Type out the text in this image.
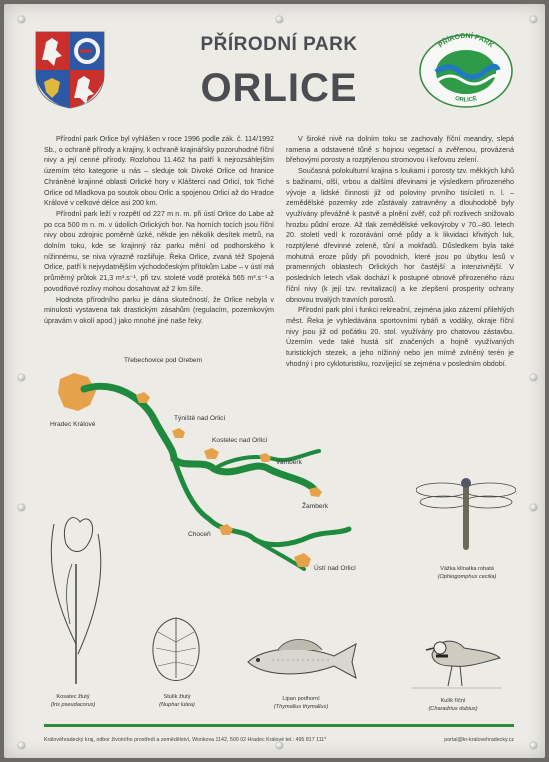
PŘÍRODNÍ PARK
ORLICE
PŘÍRODNÍ PARK
ORLICE

Přírodní park Orlice byl vyhlášen v roce 1996 podle zák. č. 114/1992 Sb., o ochraně přírody a krajiny, k ochraně krajinářsky pozoruhodné říční nivy a její cenné přírody. Rozlohou 11.462 ha patří k nejrozsáhlejším územím této kategorie u nás – sleduje tok Divoké Orlice od hranice Chráněné krajinné oblasti Orlické hory v Klášterci nad Orlicí, tok Tiché Orlice od Mladkova po soutok obou Orlic a spojenou Orlici až do Hradce Králové v celkové délce asi 200 km.

Přírodní park leží v rozpětí od 227 m n. m. při ústí Orlice do Labe až po cca 500 m n. m. v údolích Orlických hor. Na horních tocích jsou říční nivy obou zdrojnic poměrně úzké, někde jen několik desítek metrů, na dolním toku, kde se krajinný ráz parku mění od podhorského k nížinnému, se niva výrazně rozšiřuje. Řeka Orlice, zvaná též Spojená Orlice, patří k nejvydatnějším východočeským přítokům Labe – v ústí má průměrný průtok 21,3 m³.s⁻¹, při tzv. stoleté vodě protéká 565 m³.s⁻¹ a povodňové rozlivy mohou dosahovat až 2 km šíře.

Hodnota přírodního parku je dána skutečností, že Orlice nebyla v minulosti vystavena tak drastickým zásahům (regulacím, pozemkovým úpravám v okolí apod.) jako mnohé jiné naše řeky.

V široké nivě na dolním toku se zachovaly říční meandry, slepá ramena a odstavené tůně s hojnou vegetací a zvěřenou, provázená břehovými porosty a rozptýlenou stromovou i keřovou zelení.

Současná polokulturní krajina s loukami i porosty tzv. měkkých luhů s bažinami, olší, vrbou a dalšími dřevinami je výsledkem přirozeného vývoje a lidské činnosti již od poloviny prvního tisíciletí n. l. – zemědělské pozemky zde zůstávaly zatravněny a dlouhodobě byly využívány převážně k pastvě a plnění zvěř, což při rozlivech snižovalo hrozbu půdní eroze. Až tlak zemědělské velkovýroby v 70.–80. letech 20. století vedl k rozorávání orné půdy a k likvidaci křivitých luk, rozptýlené dřevinné zeleně, tůní a mokřadů. Důsledkem byla také mohutná eroze půdy při povodních, které jsou po úbytku lesů v pramenných oblastech Orlických hor častější a intenzivnější. V posledních letech však dochází k postupné obnově přirozeného rázu říční nivy (k její tzv. revitalizaci) a ke zlepšení prosperity ochrany obnovou trvalých travních porostů.

Přírodní park plní i funkci rekreační, zejména jako zázemí přilehlých měst. Řeka je vyhledávána sportovními rybáři a vodáky, okraje říční nivy jsou již od počátku 20. stol. využívány pro chatovou zástavbu. Územím vede také hustá síť značených a hojně využívaných turistických stezek, a jeho nížinný nebo jen mírně zvlněný terén je vhodný i pro cykloturistiku, rozvíjející se zejména v posledním období.

Hradec Králové
Třebechovice pod Orebem
Týniště nad Orlicí
Kostelec nad Orlicí
Vamberk
Žamberk
Choceň
Ústí nad Orlicí	Vážka klínatka rohatá
(Ophiogomphus cecilia)
Kosatec žlutý
(Iris pseudacorus)
Stulík žlutý
(Nuphar lutea)
Lipan podhorní
(Thymallus thymallus)
Kulík říční
(Charadrius dubius)
Královéhradecký kraj, odbor životního prostředí a zemědělství, Wonkova 1142, 500 02 Hradec Králové tel.: 495 817 111*	portal@kr-kralovehradecky.cz
